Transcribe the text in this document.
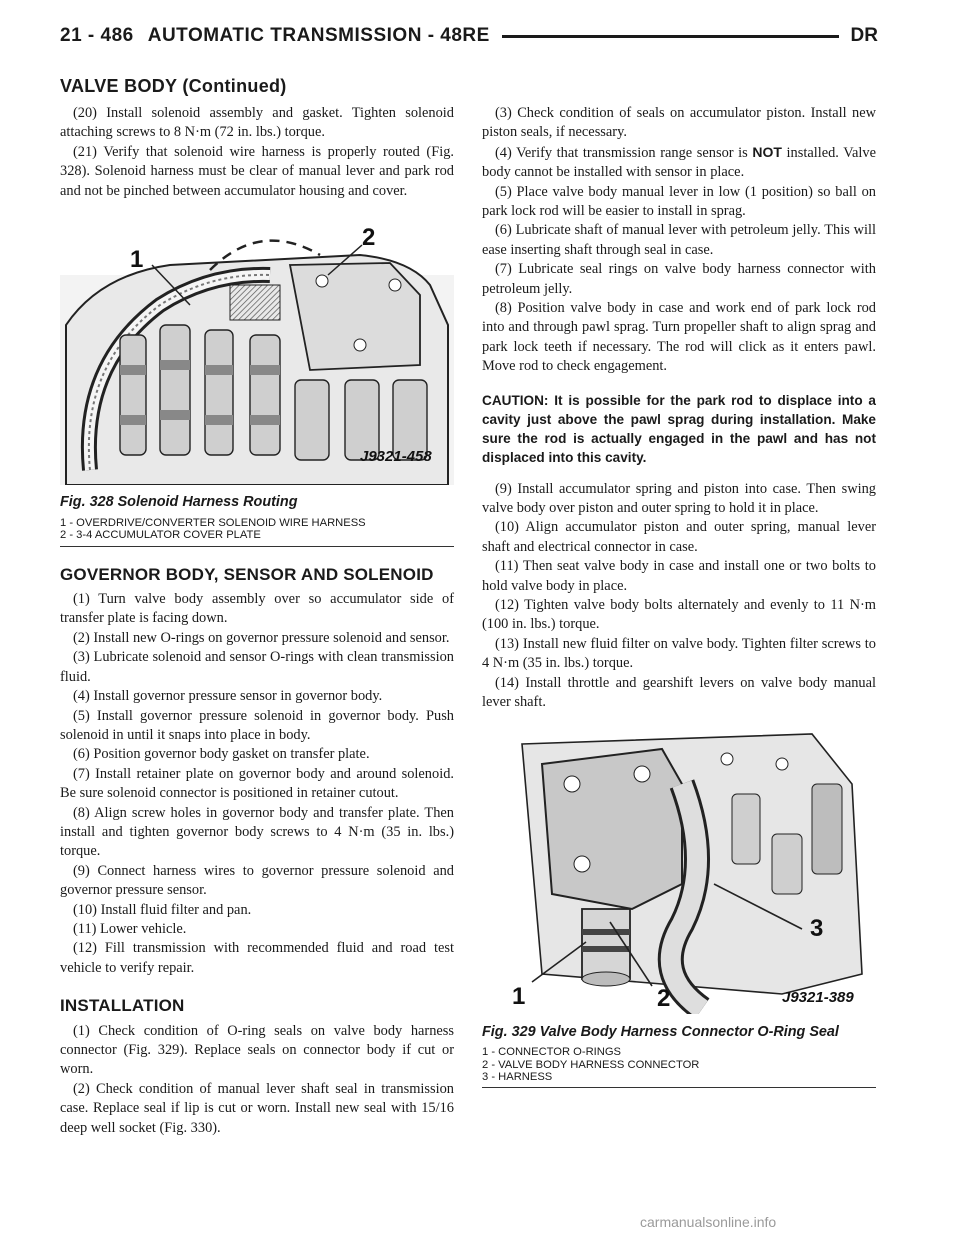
21 - 486 AUTOMATIC TRANSMISSION - 48RE	DR
VALVE BODY (Continued)

(20) Install solenoid assembly and gasket. Tighten solenoid attaching screws to 8 N·m (72 in. lbs.) torque.

(21) Verify that solenoid wire harness is properly routed (Fig. 328). Solenoid harness must be clear of manual lever and park rod and not be pinched between accumulator housing and cover.

1
2
J9321-458
Fig. 328 Solenoid Harness Routing
1 - OVERDRIVE/CONVERTER SOLENOID WIRE HARNESS
2 - 3-4 ACCUMULATOR COVER PLATE
GOVERNOR BODY, SENSOR AND SOLENOID

(1) Turn valve body assembly over so accumulator side of transfer plate is facing down.

(2) Install new O-rings on governor pressure solenoid and sensor.

(3) Lubricate solenoid and sensor O-rings with clean transmission fluid.

(4) Install governor pressure sensor in governor body.

(5) Install governor pressure solenoid in governor body. Push solenoid in until it snaps into place in body.

(6) Position governor body gasket on transfer plate.

(7) Install retainer plate on governor body and around solenoid. Be sure solenoid connector is positioned in retainer cutout.

(8) Align screw holes in governor body and transfer plate. Then install and tighten governor body screws to 4 N·m (35 in. lbs.) torque.

(9) Connect harness wires to governor pressure solenoid and governor pressure sensor.

(10) Install fluid filter and pan.

(11) Lower vehicle.

(12) Fill transmission with recommended fluid and road test vehicle to verify repair.

INSTALLATION

(1) Check condition of O-ring seals on valve body harness connector (Fig. 329). Replace seals on connector body if cut or worn.

(2) Check condition of manual lever shaft seal in transmission case. Replace seal if lip is cut or worn. Install new seal with 15/16 deep well socket (Fig. 330).

(3) Check condition of seals on accumulator piston. Install new piston seals, if necessary.

(4) Verify that transmission range sensor is NOT installed. Valve body cannot be installed with sensor in place.

(5) Place valve body manual lever in low (1 position) so ball on park lock rod will be easier to install in sprag.

(6) Lubricate shaft of manual lever with petroleum jelly. This will ease inserting shaft through seal in case.

(7) Lubricate seal rings on valve body harness connector with petroleum jelly.

(8) Position valve body in case and work end of park lock rod into and through pawl sprag. Turn propeller shaft to align sprag and park lock teeth if necessary. The rod will click as it enters pawl. Move rod to check engagement.

CAUTION: It is possible for the park rod to displace into a cavity just above the pawl sprag during installation. Make sure the rod is actually engaged in the pawl and has not displaced into this cavity.

(9) Install accumulator spring and piston into case. Then swing valve body over piston and outer spring to hold it in place.

(10) Align accumulator piston and outer spring, manual lever shaft and electrical connector in case.

(11) Then seat valve body in case and install one or two bolts to hold valve body in place.

(12) Tighten valve body bolts alternately and evenly to 11 N·m (100 in. lbs.) torque.

(13) Install new fluid filter on valve body. Tighten filter screws to 4 N·m (35 in. lbs.) torque.

(14) Install throttle and gearshift levers on valve body manual lever shaft.

1	2
3
J9321-389
Fig. 329 Valve Body Harness Connector O-Ring Seal
1 - CONNECTOR O-RINGS
2 - VALVE BODY HARNESS CONNECTOR
3 - HARNESS
carmanualsonline.info
